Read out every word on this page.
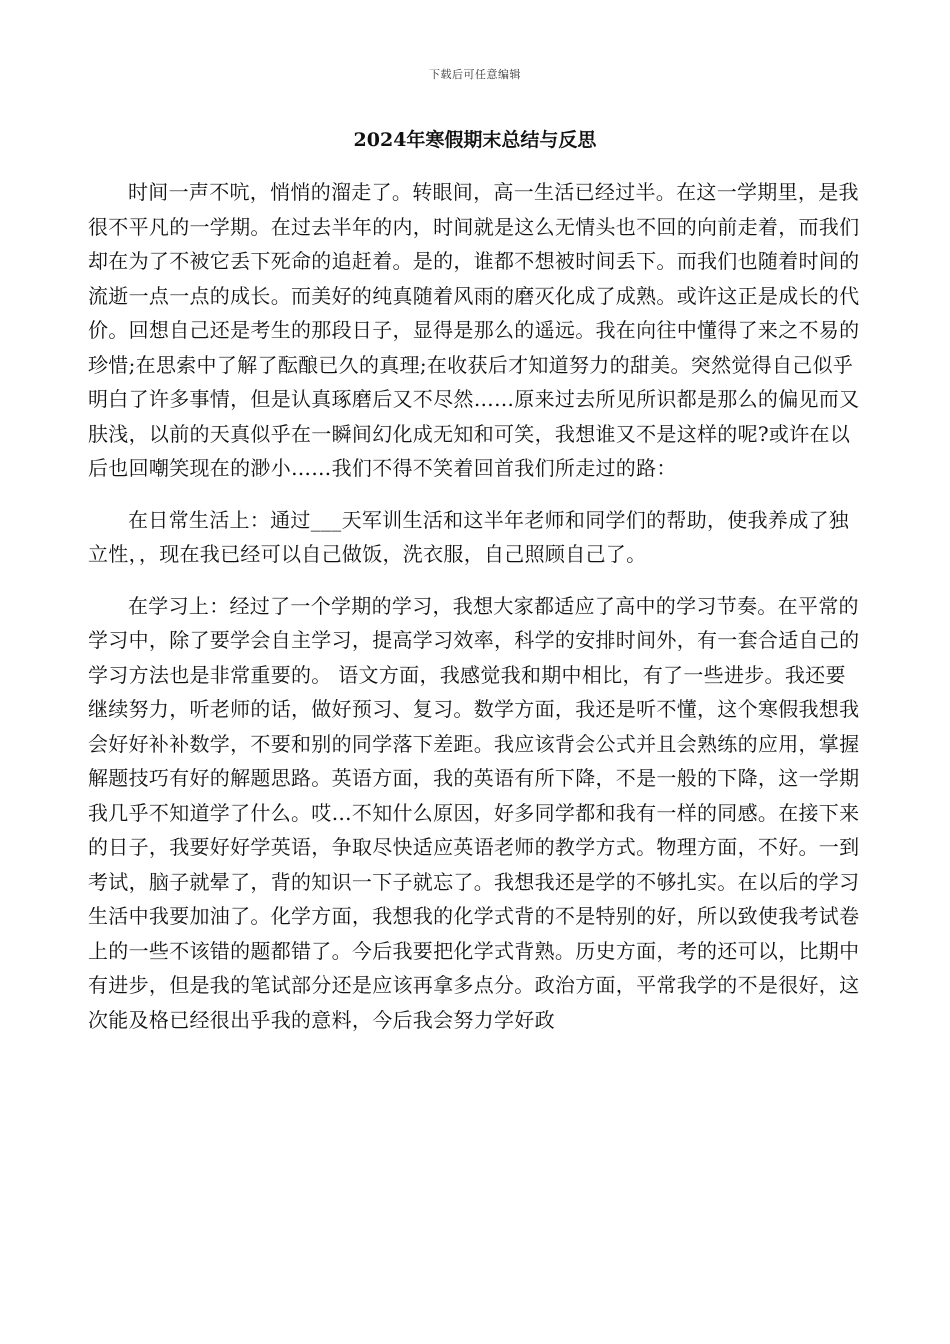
下载后可任意编辑
2024年寒假期末总结与反思

时间一声不吭，悄悄的溜走了。转眼间，高一生活已经过半。在这一学期里，是我很不平凡的一学期。在过去半年的内，时间就是这么无情头也不回的向前走着，而我们却在为了不被它丢下死命的追赶着。是的，谁都不想被时间丢下。而我们也随着时间的流逝一点一点的成长。而美好的纯真随着风雨的磨灭化成了成熟。或许这正是成长的代价。回想自己还是考生的那段日子，显得是那么的遥远。我在向往中懂得了来之不易的珍惜;在思索中了解了酝酿已久的真理;在收获后才知道努力的甜美。突然觉得自己似乎明白了许多事情，但是认真琢磨后又不尽然……原来过去所见所识都是那么的偏见而又肤浅，以前的天真似乎在一瞬间幻化成无知和可笑，我想谁又不是这样的呢?或许在以后也回嘲笑现在的渺小……我们不得不笑着回首我们所走过的路：

在日常生活上：通过___天军训生活和这半年老师和同学们的帮助，使我养成了独立性，，现在我已经可以自己做饭，洗衣服，自己照顾自己了。

在学习上：经过了一个学期的学习，我想大家都适应了高中的学习节奏。在平常的学习中，除了要学会自主学习，提高学习效率，科学的安排时间外，有一套合适自己的学习方法也是非常重要的。 语文方面，我感觉我和期中相比，有了一些进步。我还要继续努力，听老师的话，做好预习、复习。数学方面，我还是听不懂，这个寒假我想我会好好补补数学，不要和别的同学落下差距。我应该背会公式并且会熟练的应用，掌握解题技巧有好的解题思路。英语方面，我的英语有所下降，不是一般的下降，这一学期我几乎不知道学了什么。哎…不知什么原因，好多同学都和我有一样的同感。在接下来的日子，我要好好学英语，争取尽快适应英语老师的教学方式。物理方面，不好。一到考试，脑子就晕了，背的知识一下子就忘了。我想我还是学的不够扎实。在以后的学习生活中我要加油了。化学方面，我想我的化学式背的不是特别的好，所以致使我考试卷上的一些不该错的题都错了。今后我要把化学式背熟。历史方面，考的还可以，比期中有进步，但是我的笔试部分还是应该再拿多点分。政治方面，平常我学的不是很好，这次能及格已经很出乎我的意料，今后我会努力学好政
